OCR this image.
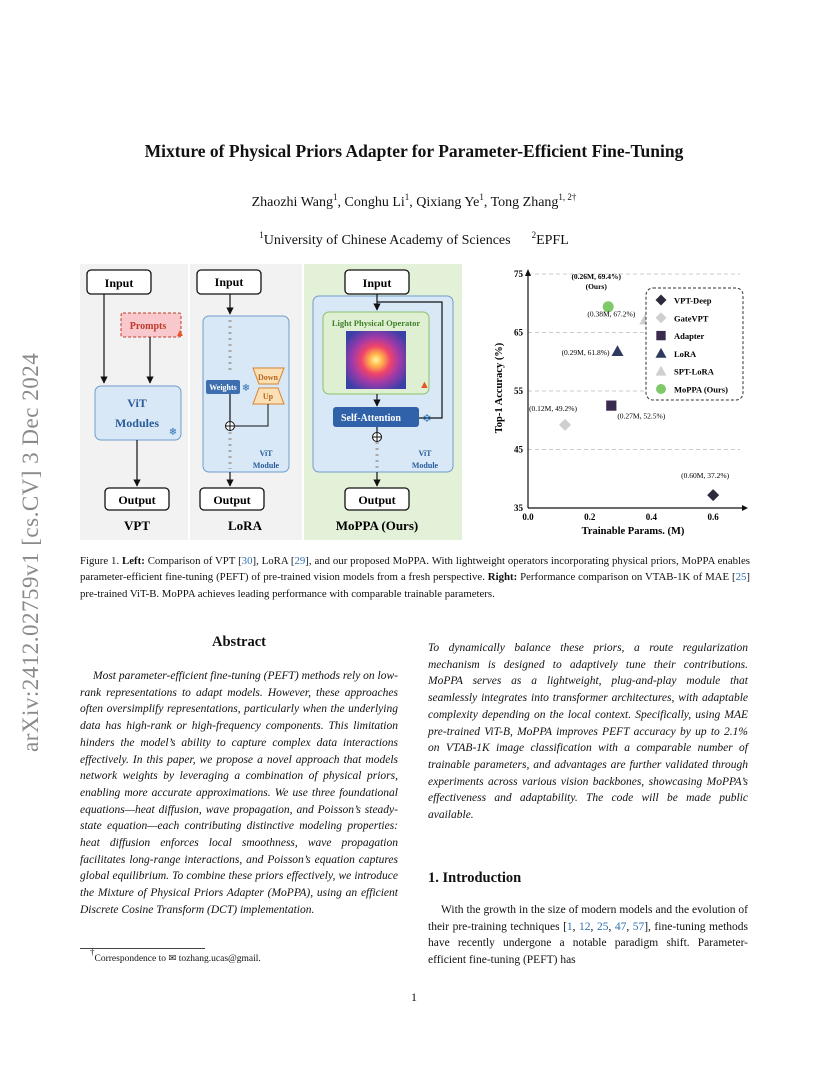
arXiv:2412.02759v1 [cs.CV] 3 Dec 2024
Mixture of Physical Priors Adapter for Parameter-Efficient Fine-Tuning
Zhaozhi Wang$^1$, Conghu Li$^1$, Qixiang Ye$^1$, Tong Zhang$^{1, 2\dagger}$
$^1$University of Chinese Academy of Sciences $^2$EPFL
Input
Prompts
▲
ViT
Modules
❄
Output
VPT
Input
Weights ❄
Down
Up
ViT
Module
Output
LoRA
Input
Light Physical Operator
▲
Self-Attention ❄
ViT
Module
Output
MoPPA (Ours)
35
45
55
65
75
0.0	0.2	0.4	0.6
(0.60M, 37.2%)
(0.12M, 49.2%)
(0.27M, 52.5%)
(0.29M, 61.8%)
(0.38M, 67.2%)
(0.26M, 69.4%)
(Ours)
Trainable Params. (M)
Top-1 Accuracy (%)
VPT-Deep
GateVPT
Adapter
LoRA
SPT-LoRA
MoPPA (Ours)
Figure 1. Left: Comparison of VPT [30], LoRA [29], and our proposed MoPPA. With lightweight operators incorporating physical priors, MoPPA enables parameter-efficient fine-tuning (PEFT) of pre-trained vision models from a fresh perspective. Right: Performance comparison on VTAB-1K of MAE [25] pre-trained ViT-B. MoPPA achieves leading performance with comparable trainable parameters.
Abstract
Most parameter-efficient fine-tuning (PEFT) methods rely on low-rank representations to adapt models. However, these approaches often oversimplify representations, particularly when the underlying data has high-rank or high-frequency components. This limitation hinders the model’s ability to capture complex data interactions effectively. In this paper, we propose a novel approach that models network weights by leveraging a combination of physical priors, enabling more accurate approximations. We use three foundational equations—heat diffusion, wave propagation, and Poisson’s steady-state equation—each contributing distinctive modeling properties: heat diffusion enforces local smoothness, wave propagation facilitates long-range interactions, and Poisson’s equation captures global equilibrium. To combine these priors effectively, we introduce the Mixture of Physical Priors Adapter (MoPPA), using an efficient Discrete Cosine Transform (DCT) implementation.
†Correspondence to ✉ tozhang.ucas@gmail.
To dynamically balance these priors, a route regularization mechanism is designed to adaptively tune their contributions. MoPPA serves as a lightweight, plug-and-play module that seamlessly integrates into transformer architectures, with adaptable complexity depending on the local context. Specifically, using MAE pre-trained ViT-B, MoPPA improves PEFT accuracy by up to 2.1% on VTAB-1K image classification with a comparable number of trainable parameters, and advantages are further validated through experiments across various vision backbones, showcasing MoPPA’s effectiveness and adaptability. The code will be made public available.
1. Introduction
With the growth in the size of modern models and the evolution of their pre-training techniques [1, 12, 25, 47, 57], fine-tuning methods have recently undergone a notable paradigm shift. Parameter-efficient fine-tuning (PEFT) has
1
